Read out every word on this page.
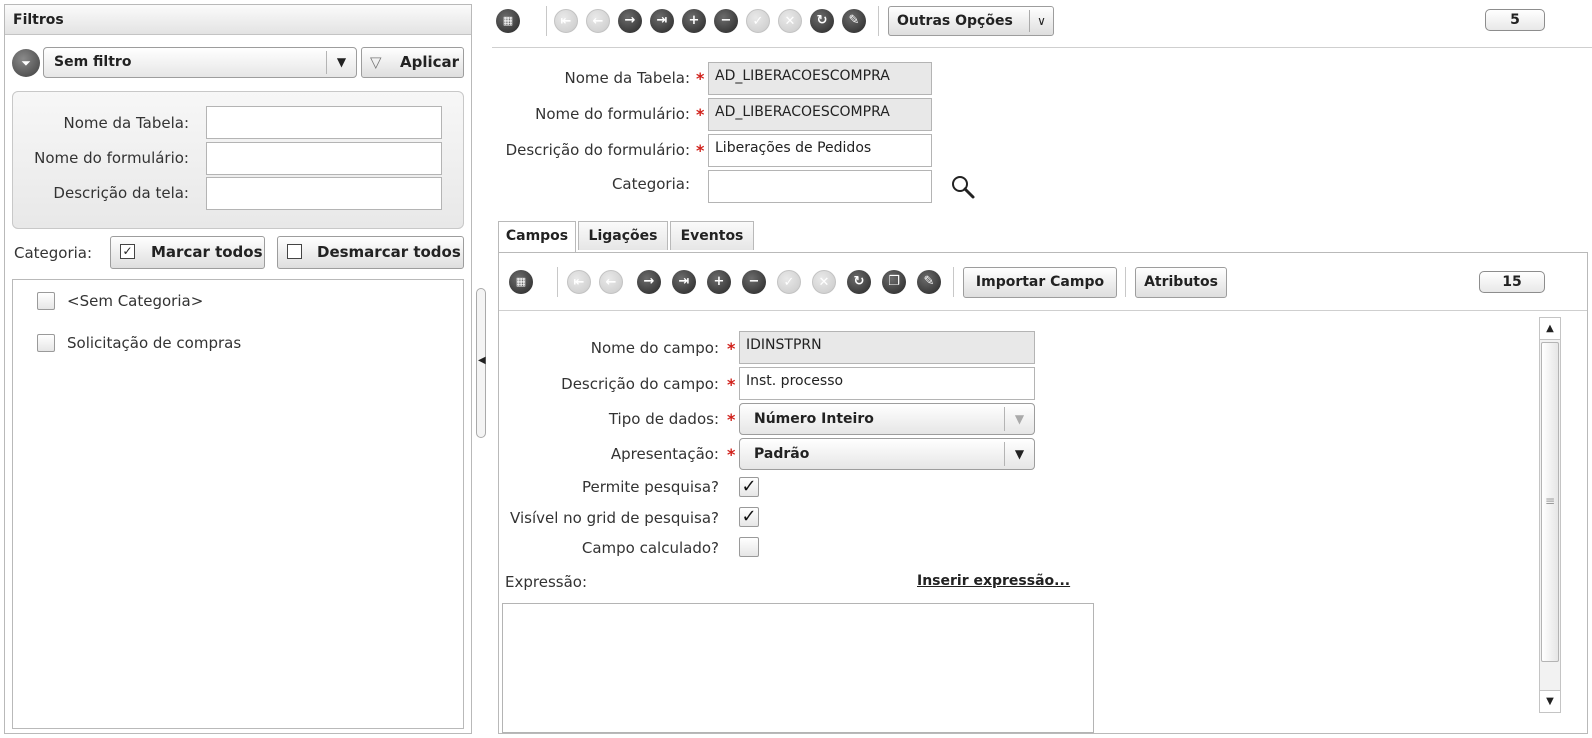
Filtros
⏷	Sem filtro	▼	▽ Aplicar
Nome da Tabela:
Nome do formulário:
Descrição da tela:
Categoria:	✓ Marcar todos	Desmarcar todos
<Sem Categoria>
Solicitação de compras
◀
▦	⇤	←	→	⇥	+	−	✓	✕	↻	✎	Outras Opções	∨	5
Nome da Tabela: * AD_LIBERACOESCOMPRA
Nome do formulário: * AD_LIBERACOESCOMPRA
Descrição do formulário: * Liberações de Pedidos
Categoria:
Campos	Ligações	Eventos
▦	⇤	←	→	⇥	+	−	✓	✕	↻	❐	✎	Importar Campo	Atributos	15
Nome do campo: * IDINSTPRN
Descrição do campo: * Inst. processo
Tipo de dados: * Número Inteiro	▼
Apresentação: * Padrão	▼
Permite pesquisa? ✓
Visível no grid de pesquisa? ✓
Campo calculado?
Expressão:	Inserir expressão...
▲
≡
▼
